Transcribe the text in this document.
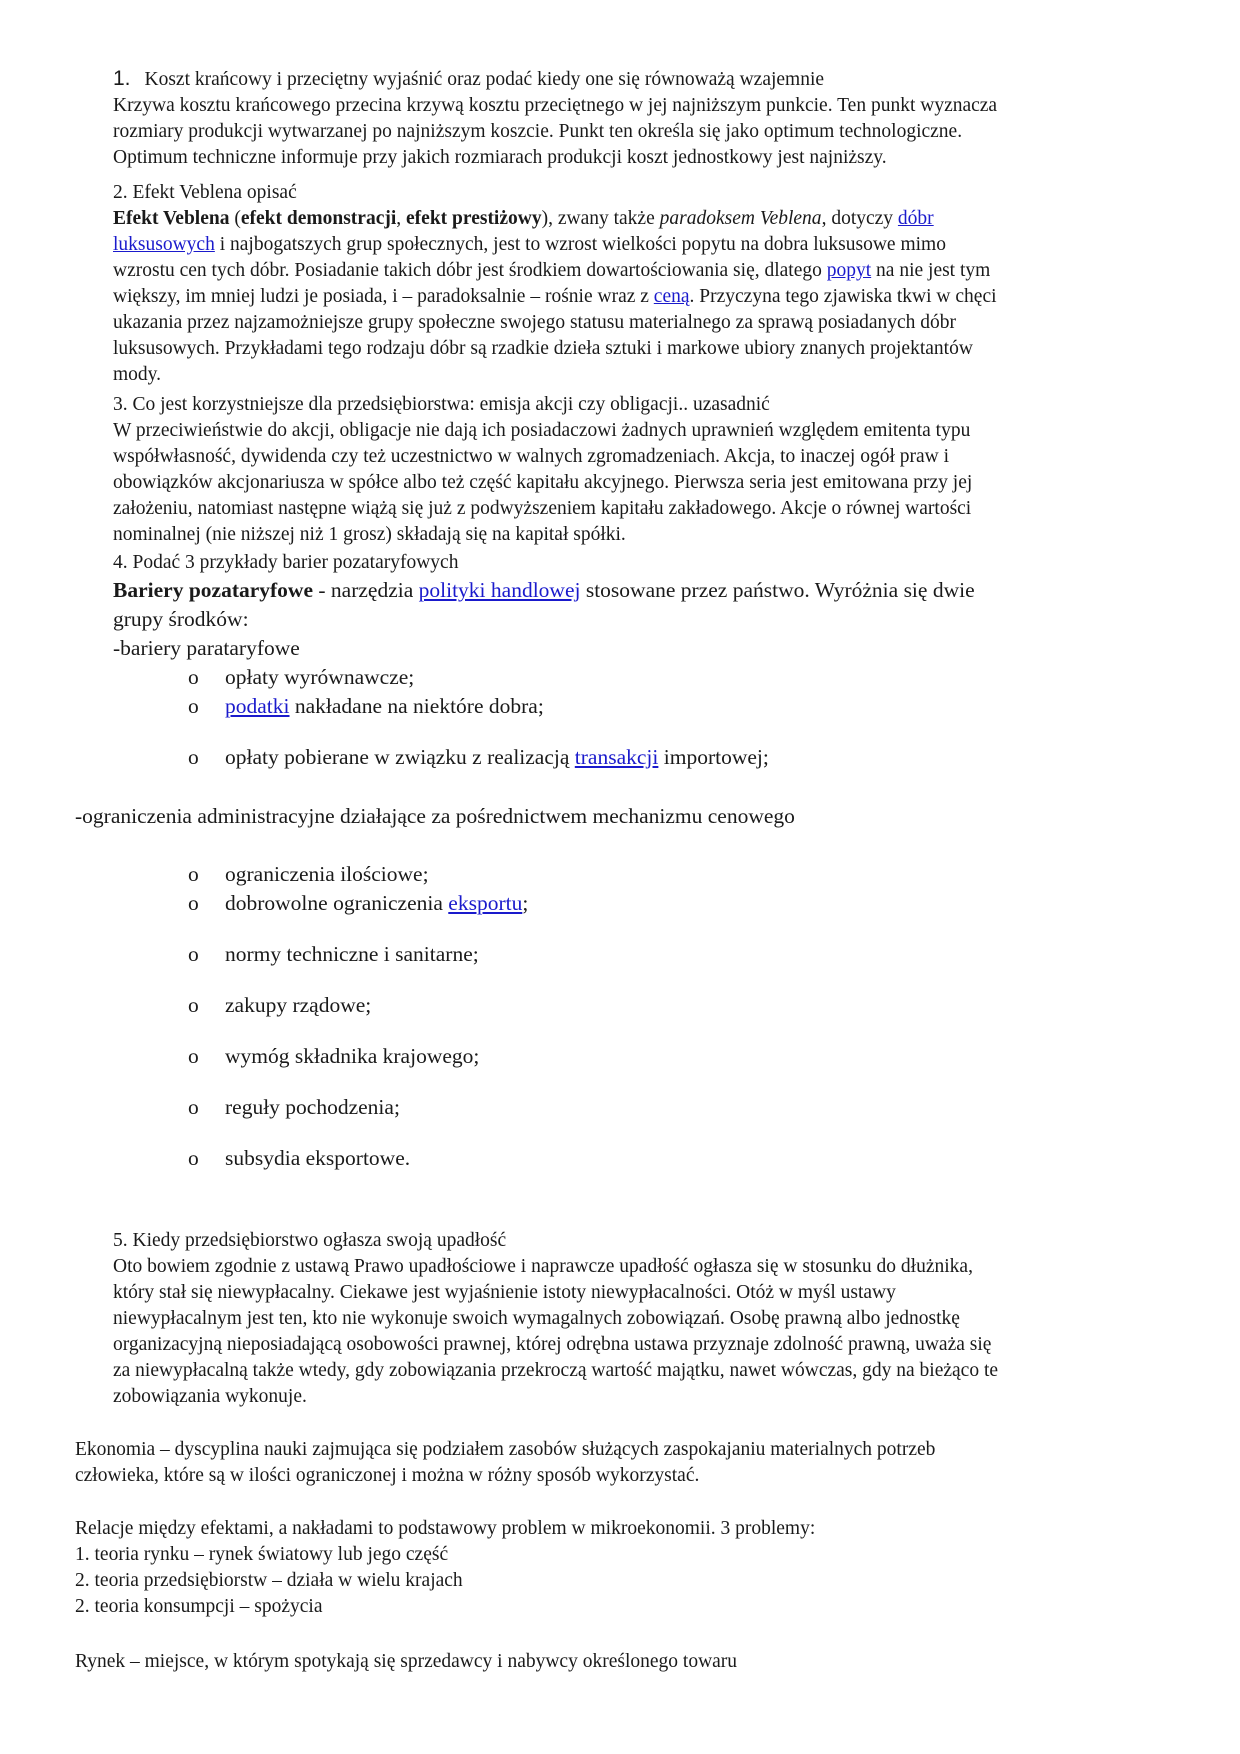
1. Koszt krańcowy i przeciętny wyjaśnić oraz podać kiedy one się równoważą wzajemnie

Krzywa kosztu krańcowego przecina krzywą kosztu przeciętnego w jej najniższym punkcie. Ten punkt wyznacza

rozmiary produkcji wytwarzanej po najniższym koszcie. Punkt ten określa się jako optimum technologiczne.

Optimum techniczne informuje przy jakich rozmiarach produkcji koszt jednostkowy jest najniższy.

2. Efekt Veblena opisać

Efekt Veblena (efekt demonstracji, efekt prestiżowy), zwany także paradoksem Veblena, dotyczy dóbr

luksusowych i najbogatszych grup społecznych, jest to wzrost wielkości popytu na dobra luksusowe mimo

wzrostu cen tych dóbr. Posiadanie takich dóbr jest środkiem dowartościowania się, dlatego popyt na nie jest tym

większy, im mniej ludzi je posiada, i – paradoksalnie – rośnie wraz z ceną. Przyczyna tego zjawiska tkwi w chęci

ukazania przez najzamożniejsze grupy społeczne swojego statusu materialnego za sprawą posiadanych dóbr

luksusowych. Przykładami tego rodzaju dóbr są rzadkie dzieła sztuki i markowe ubiory znanych projektantów

mody.

3. Co jest korzystniejsze dla przedsiębiorstwa: emisja akcji czy obligacji.. uzasadnić

W przeciwieństwie do akcji, obligacje nie dają ich posiadaczowi żadnych uprawnień względem emitenta typu

współwłasność, dywidenda czy też uczestnictwo w walnych zgromadzeniach. Akcja, to inaczej ogół praw i

obowiązków akcjonariusza w spółce albo też część kapitału akcyjnego. Pierwsza seria jest emitowana przy jej

założeniu, natomiast następne wiążą się już z podwyższeniem kapitału zakładowego. Akcje o równej wartości

nominalnej (nie niższej niż 1 grosz) składają się na kapitał spółki.

4. Podać 3 przykłady barier pozataryfowych

Bariery pozataryfowe - narzędzia polityki handlowej stosowane przez państwo. Wyróżnia się dwie

grupy środków:

-bariery parataryfowe

o opłaty wyrównawcze;
o podatki nakładane na niektóre dobra;
o opłaty pobierane w związku z realizacją transakcji importowej;

-ograniczenia administracyjne działające za pośrednictwem mechanizmu cenowego

o ograniczenia ilościowe;
o dobrowolne ograniczenia eksportu;
o normy techniczne i sanitarne;
o zakupy rządowe;
o wymóg składnika krajowego;
o reguły pochodzenia;
o subsydia eksportowe.

5. Kiedy przedsiębiorstwo ogłasza swoją upadłość

Oto bowiem zgodnie z ustawą Prawo upadłościowe i naprawcze upadłość ogłasza się w stosunku do dłużnika,

który stał się niewypłacalny. Ciekawe jest wyjaśnienie istoty niewypłacalności. Otóż w myśl ustawy

niewypłacalnym jest ten, kto nie wykonuje swoich wymagalnych zobowiązań. Osobę prawną albo jednostkę

organizacyjną nieposiadającą osobowości prawnej, której odrębna ustawa przyznaje zdolność prawną, uważa się

za niewypłacalną także wtedy, gdy zobowiązania przekroczą wartość majątku, nawet wówczas, gdy na bieżąco te

zobowiązania wykonuje.

Ekonomia – dyscyplina nauki zajmująca się podziałem zasobów służących zaspokajaniu materialnych potrzeb

człowieka, które są w ilości ograniczonej i można w różny sposób wykorzystać.

Relacje między efektami, a nakładami to podstawowy problem w mikroekonomii. 3 problemy:

1. teoria rynku – rynek światowy lub jego część

2. teoria przedsiębiorstw – działa w wielu krajach

2. teoria konsumpcji – spożycia

Rynek – miejsce, w którym spotykają się sprzedawcy i nabywcy określonego towaru
